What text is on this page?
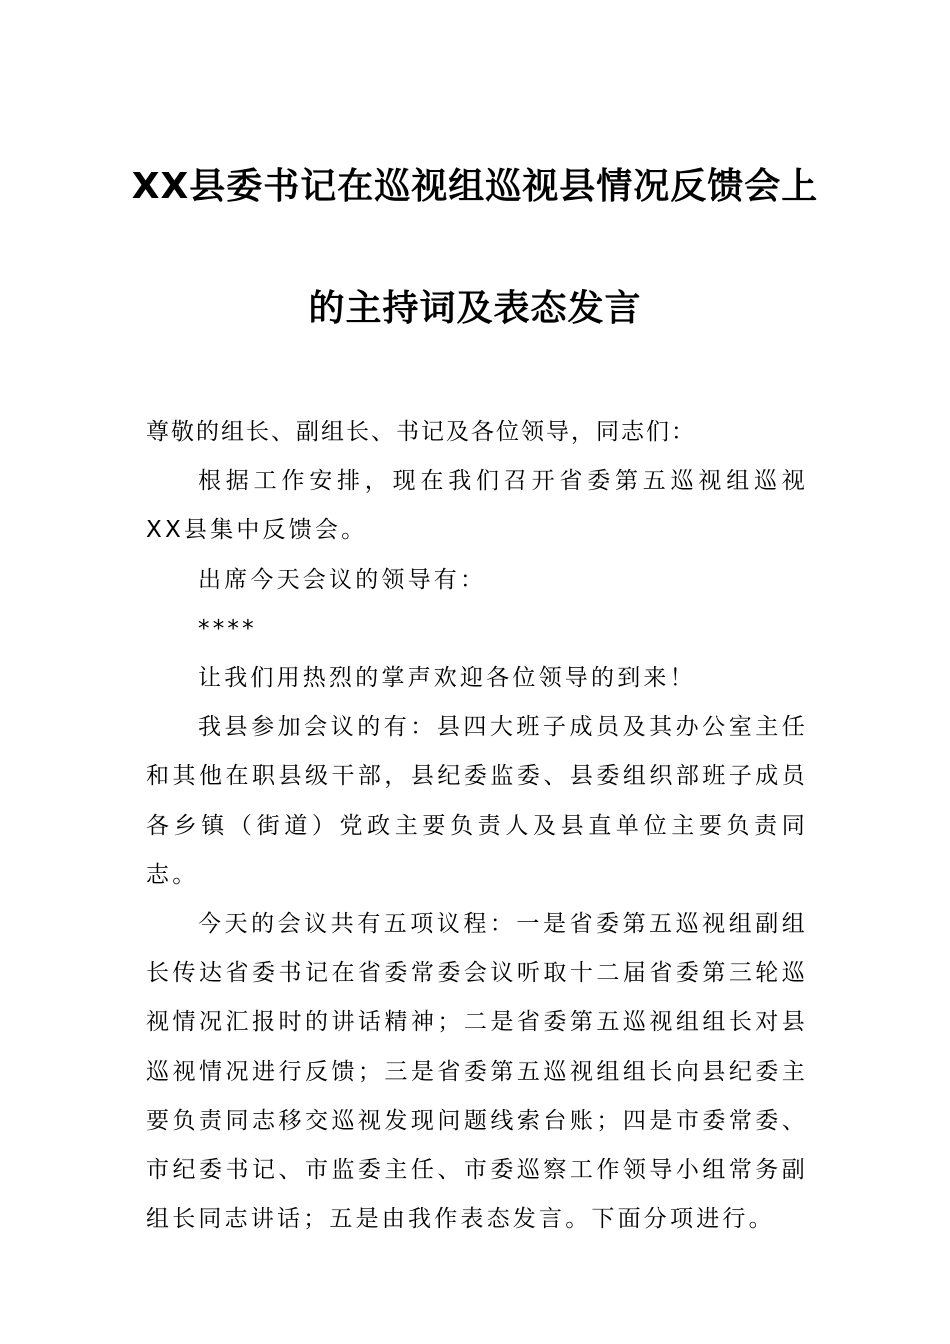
XX县委书记在巡视组巡视县情况反馈会上
的主持词及表态发言

尊敬的组长、副组长、书记及各位领导，同志们：

根据工作安排，现在我们召开省委第五巡视组巡视XX县集中反馈会。

出席今天会议的领导有：

****

让我们用热烈的掌声欢迎各位领导的到来！

我县参加会议的有：县四大班子成员及其办公室主任和其他在职县级干部，县纪委监委、县委组织部班子成员各乡镇（街道）党政主要负责人及县直单位主要负责同志。

今天的会议共有五项议程：一是省委第五巡视组副组长传达省委书记在省委常委会议听取十二届省委第三轮巡视情况汇报时的讲话精神；二是省委第五巡视组组长对县巡视情况进行反馈；三是省委第五巡视组组长向县纪委主要负责同志移交巡视发现问题线索台账；四是市委常委、市纪委书记、市监委主任、市委巡察工作领导小组常务副组长同志讲话；五是由我作表态发言。下面分项进行。
